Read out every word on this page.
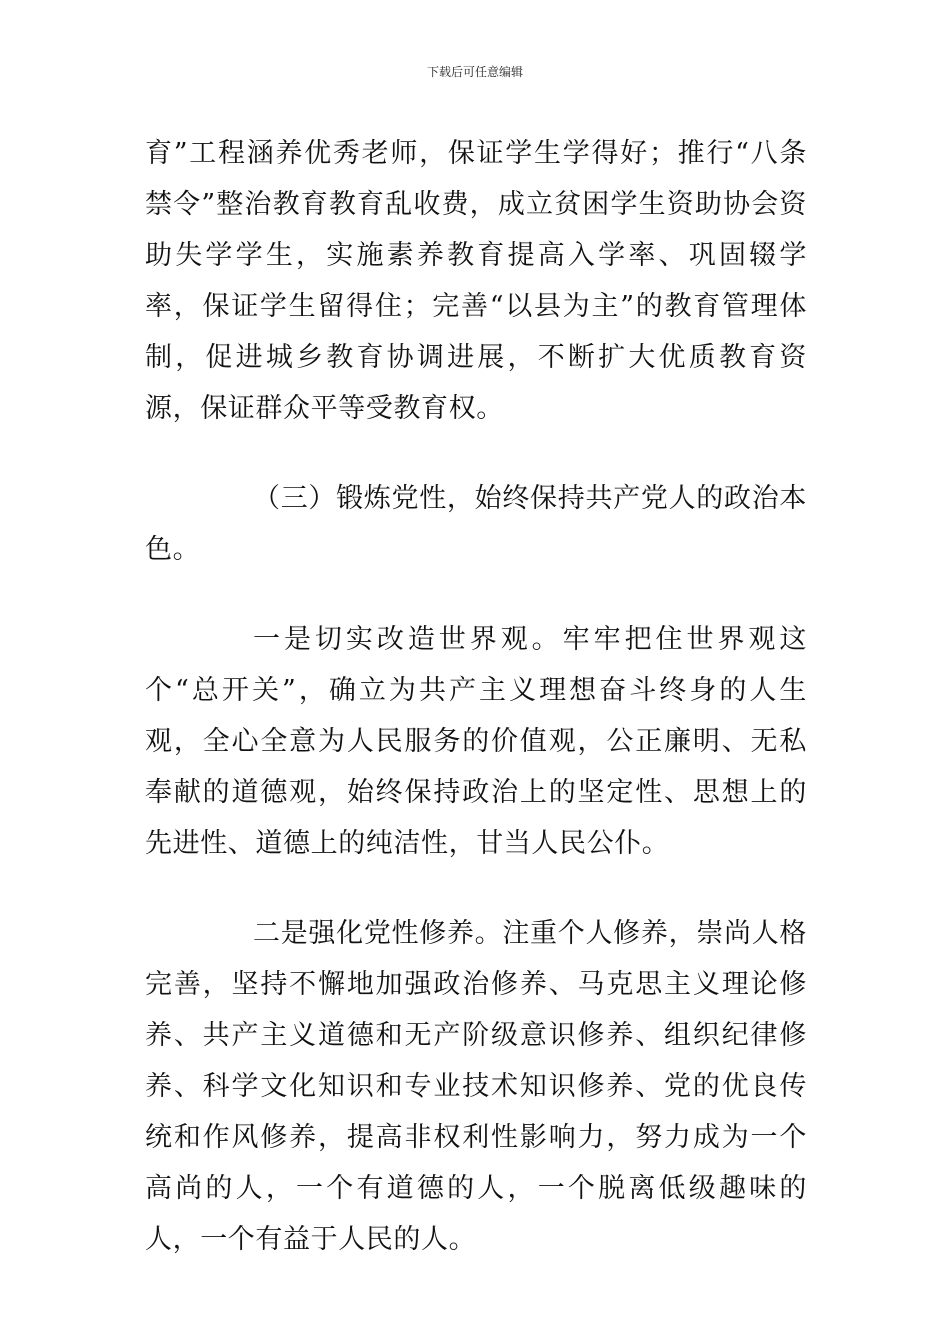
下载后可任意编辑

育”工程涵养优秀老师，保证学生学得好；推行“八条禁令”整治教育教育乱收费，成立贫困学生资助协会资助失学学生，实施素养教育提高入学率、巩固辍学率，保证学生留得住；完善“以县为主”的教育管理体制，促进城乡教育协调进展，不断扩大优质教育资源，保证群众平等受教育权。

（三）锻炼党性，始终保持共产党人的政治本色。

一是切实改造世界观。牢牢把住世界观这个“总开关”，确立为共产主义理想奋斗终身的人生观，全心全意为人民服务的价值观，公正廉明、无私奉献的道德观，始终保持政治上的坚定性、思想上的先进性、道德上的纯洁性，甘当人民公仆。

二是强化党性修养。注重个人修养，崇尚人格完善，坚持不懈地加强政治修养、马克思主义理论修养、共产主义道德和无产阶级意识修养、组织纪律修养、科学文化知识和专业技术知识修养、党的优良传统和作风修养，提高非权利性影响力，努力成为一个高尚的人，一个有道德的人，一个脱离低级趣味的人，一个有益于人民的人。
